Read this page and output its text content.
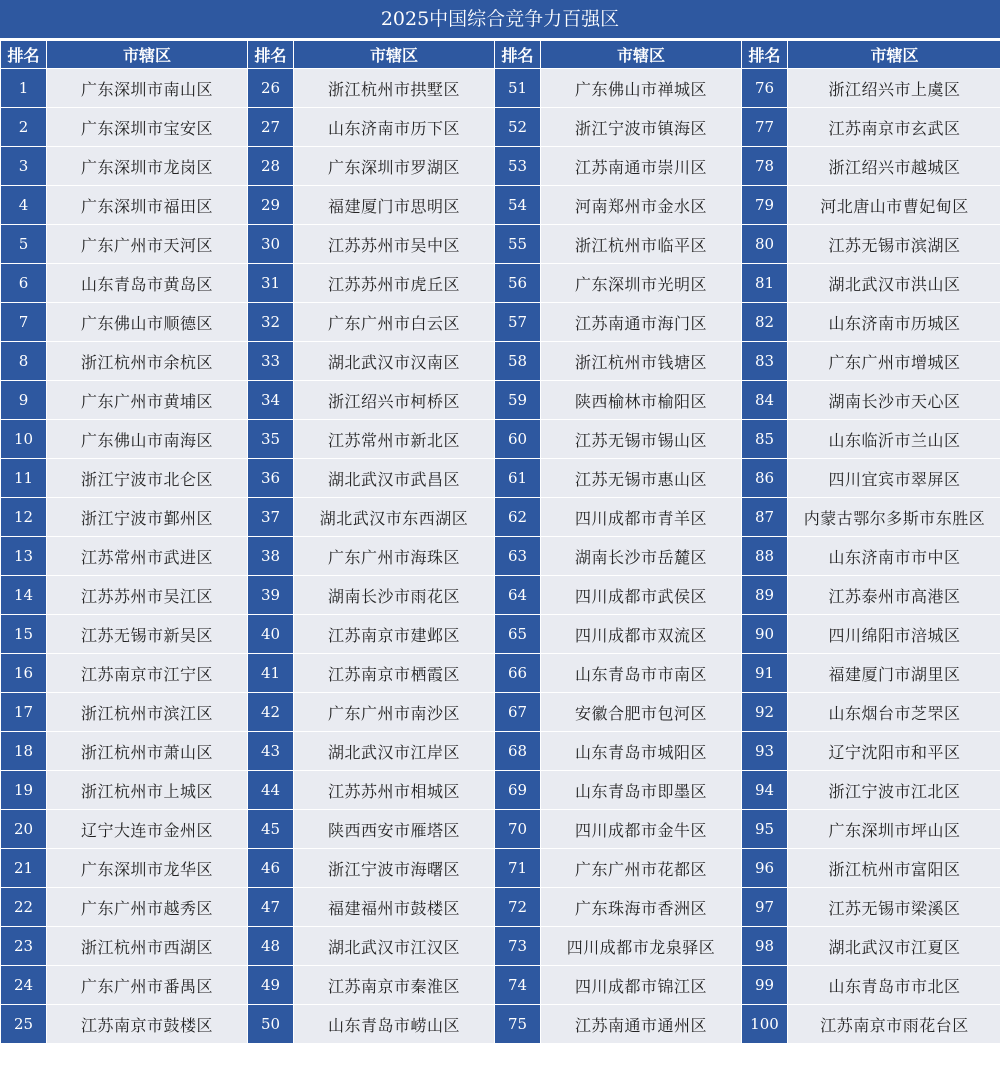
2025中国综合竞争力百强区
排名	市辖区	排名	市辖区	排名	市辖区	排名	市辖区
1	广东深圳市南山区	26	浙江杭州市拱墅区	51	广东佛山市禅城区	76	浙江绍兴市上虞区
2	广东深圳市宝安区	27	山东济南市历下区	52	浙江宁波市镇海区	77	江苏南京市玄武区
3	广东深圳市龙岗区	28	广东深圳市罗湖区	53	江苏南通市崇川区	78	浙江绍兴市越城区
4	广东深圳市福田区	29	福建厦门市思明区	54	河南郑州市金水区	79	河北唐山市曹妃甸区
5	广东广州市天河区	30	江苏苏州市吴中区	55	浙江杭州市临平区	80	江苏无锡市滨湖区
6	山东青岛市黄岛区	31	江苏苏州市虎丘区	56	广东深圳市光明区	81	湖北武汉市洪山区
7	广东佛山市顺德区	32	广东广州市白云区	57	江苏南通市海门区	82	山东济南市历城区
8	浙江杭州市余杭区	33	湖北武汉市汉南区	58	浙江杭州市钱塘区	83	广东广州市增城区
9	广东广州市黄埔区	34	浙江绍兴市柯桥区	59	陕西榆林市榆阳区	84	湖南长沙市天心区
10	广东佛山市南海区	35	江苏常州市新北区	60	江苏无锡市锡山区	85	山东临沂市兰山区
11	浙江宁波市北仑区	36	湖北武汉市武昌区	61	江苏无锡市惠山区	86	四川宜宾市翠屏区
12	浙江宁波市鄞州区	37	湖北武汉市东西湖区	62	四川成都市青羊区	87	内蒙古鄂尔多斯市东胜区
13	江苏常州市武进区	38	广东广州市海珠区	63	湖南长沙市岳麓区	88	山东济南市市中区
14	江苏苏州市吴江区	39	湖南长沙市雨花区	64	四川成都市武侯区	89	江苏泰州市高港区
15	江苏无锡市新吴区	40	江苏南京市建邺区	65	四川成都市双流区	90	四川绵阳市涪城区
16	江苏南京市江宁区	41	江苏南京市栖霞区	66	山东青岛市市南区	91	福建厦门市湖里区
17	浙江杭州市滨江区	42	广东广州市南沙区	67	安徽合肥市包河区	92	山东烟台市芝罘区
18	浙江杭州市萧山区	43	湖北武汉市江岸区	68	山东青岛市城阳区	93	辽宁沈阳市和平区
19	浙江杭州市上城区	44	江苏苏州市相城区	69	山东青岛市即墨区	94	浙江宁波市江北区
20	辽宁大连市金州区	45	陕西西安市雁塔区	70	四川成都市金牛区	95	广东深圳市坪山区
21	广东深圳市龙华区	46	浙江宁波市海曙区	71	广东广州市花都区	96	浙江杭州市富阳区
22	广东广州市越秀区	47	福建福州市鼓楼区	72	广东珠海市香洲区	97	江苏无锡市梁溪区
23	浙江杭州市西湖区	48	湖北武汉市江汉区	73	四川成都市龙泉驿区	98	湖北武汉市江夏区
24	广东广州市番禺区	49	江苏南京市秦淮区	74	四川成都市锦江区	99	山东青岛市市北区
25	江苏南京市鼓楼区	50	山东青岛市崂山区	75	江苏南通市通州区	100	江苏南京市雨花台区
